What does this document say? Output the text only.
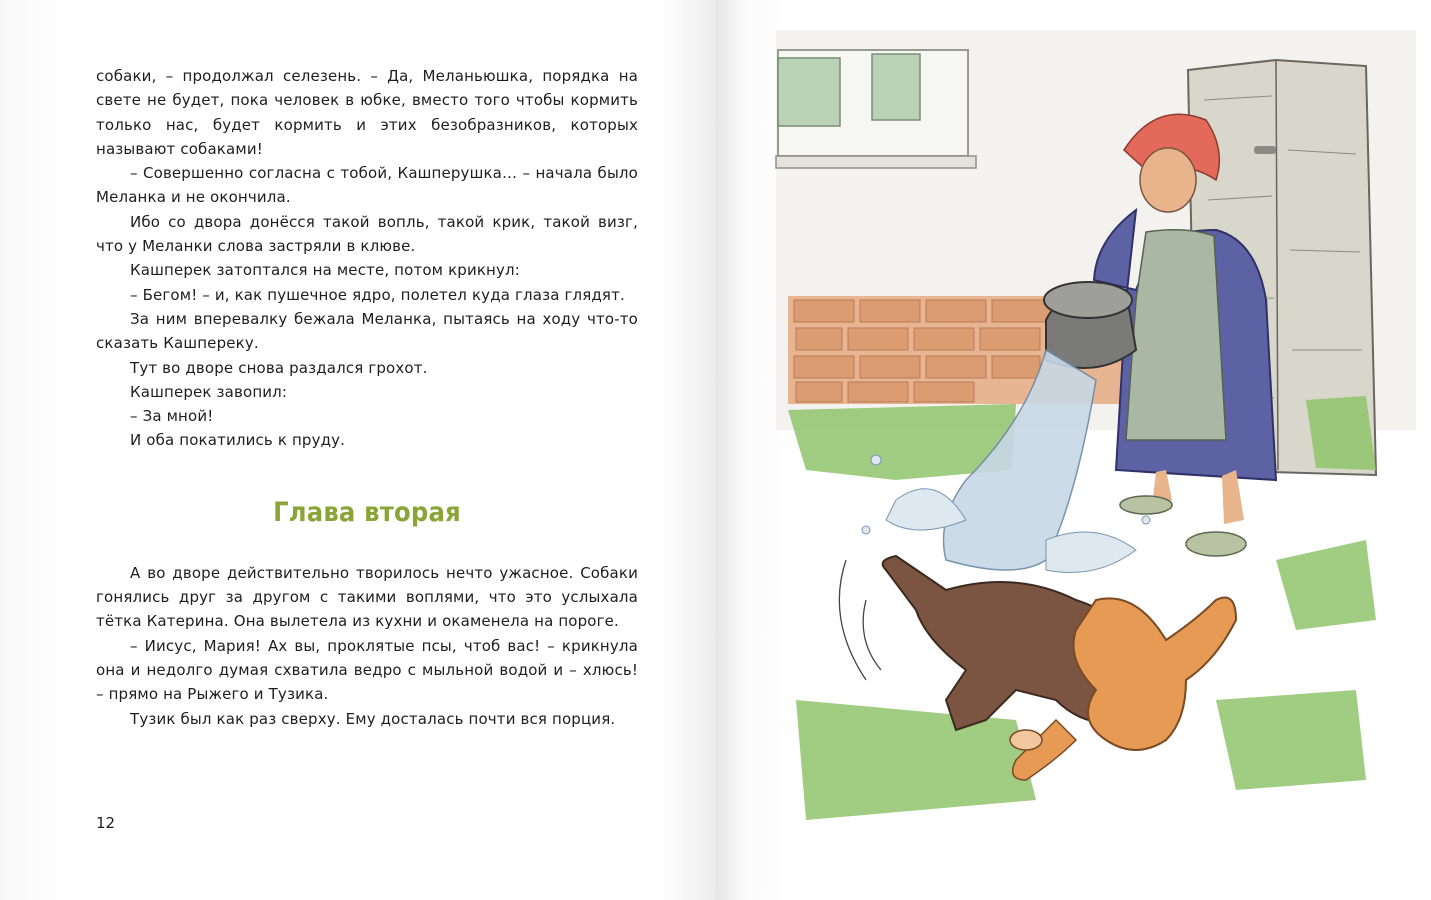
собаки, – продолжал селезень. – Да, Меланьюшка, порядка на свете не будет, пока человек в юбке, вместо того чтобы кормить только нас, будет кормить и этих безобразников, которых называют собаками!

– Совершенно согласна с тобой, Кашперушка… – начала было Меланка и не окончила.

Ибо со двора донёсся такой вопль, такой крик, такой визг, что у Меланки слова застряли в клюве.

Кашперек затоптался на месте, потом крикнул:

– Бегом! – и, как пушечное ядро, полетел куда глаза глядят.

За ним вперевалку бежала Меланка, пытаясь на ходу что-то сказать Кашпереку.

Тут во дворе снова раздался грохот.

Кашперек завопил:

– За мной!

И оба покатились к пруду.

Глава вторая

А во дворе действительно творилось нечто ужасное. Собаки гонялись друг за другом с такими воплями, что это услыхала тётка Катерина. Она вылетела из кухни и окаменела на пороге.

– Иисус, Мария! Ах вы, проклятые псы, чтоб вас! – крикнула она и недолго думая схватила ведро с мыльной водой и – хлюсь! – прямо на Рыжего и Тузика.

Тузик был как раз сверху. Ему досталась почти вся порция.

12
